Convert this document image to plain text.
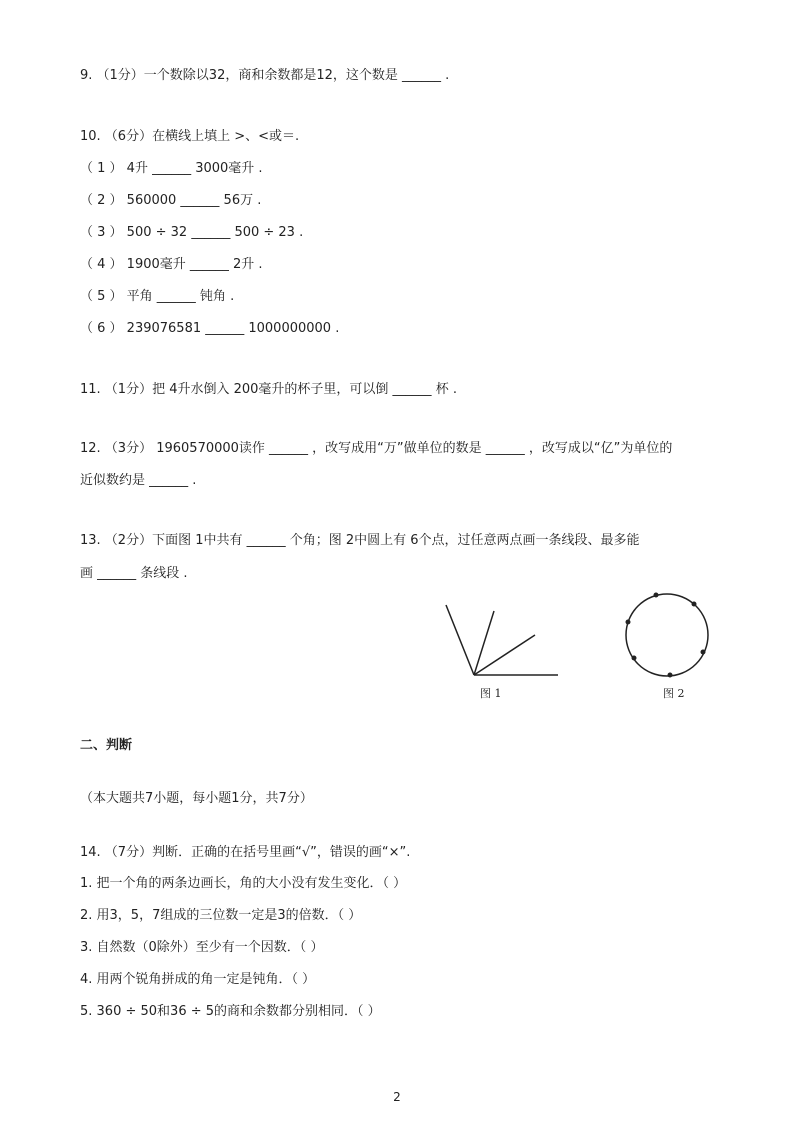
9. （1分）一个数除以32，商和余数都是12，这个数是 ______ .
10. （6分）在横线上填上 >、<或＝.
（ 1 ） 4升 ______ 3000毫升 .
（ 2 ） 560000 ______ 56万 .
（ 3 ） 500 ÷ 32 ______ 500 ÷ 23 .
（ 4 ） 1900毫升 ______ 2升 .
（ 5 ） 平角 ______ 钝角 .
（ 6 ） 239076581 ______ 1000000000 .
11. （1分）把 4升水倒入 200毫升的杯子里，可以倒 ______ 杯 .
12. （3分） 1960570000读作 ______ ，改写成用“万”做单位的数是 ______ ，改写成以“亿”为单位的
近似数约是 ______ .
13. （2分）下面图 1中共有 ______ 个角；图 2中圆上有 6个点，过任意两点画一条线段、最多能
画 ______ 条线段 .
图 1	图 2
二、判断
（本大题共7小题，每小题1分，共7分）
14. （7分）判断．正确的在括号里画“√”，错误的画“×”.
1. 把一个角的两条边画长，角的大小没有发生变化．（ ）
2. 用3，5，7组成的三位数一定是3的倍数．（ ）
3. 自然数（0除外）至少有一个因数．（ ）
4. 用两个锐角拼成的角一定是钝角．（ ）
5. 360 ÷ 50和36 ÷ 5的商和余数都分别相同．（ ）
2
